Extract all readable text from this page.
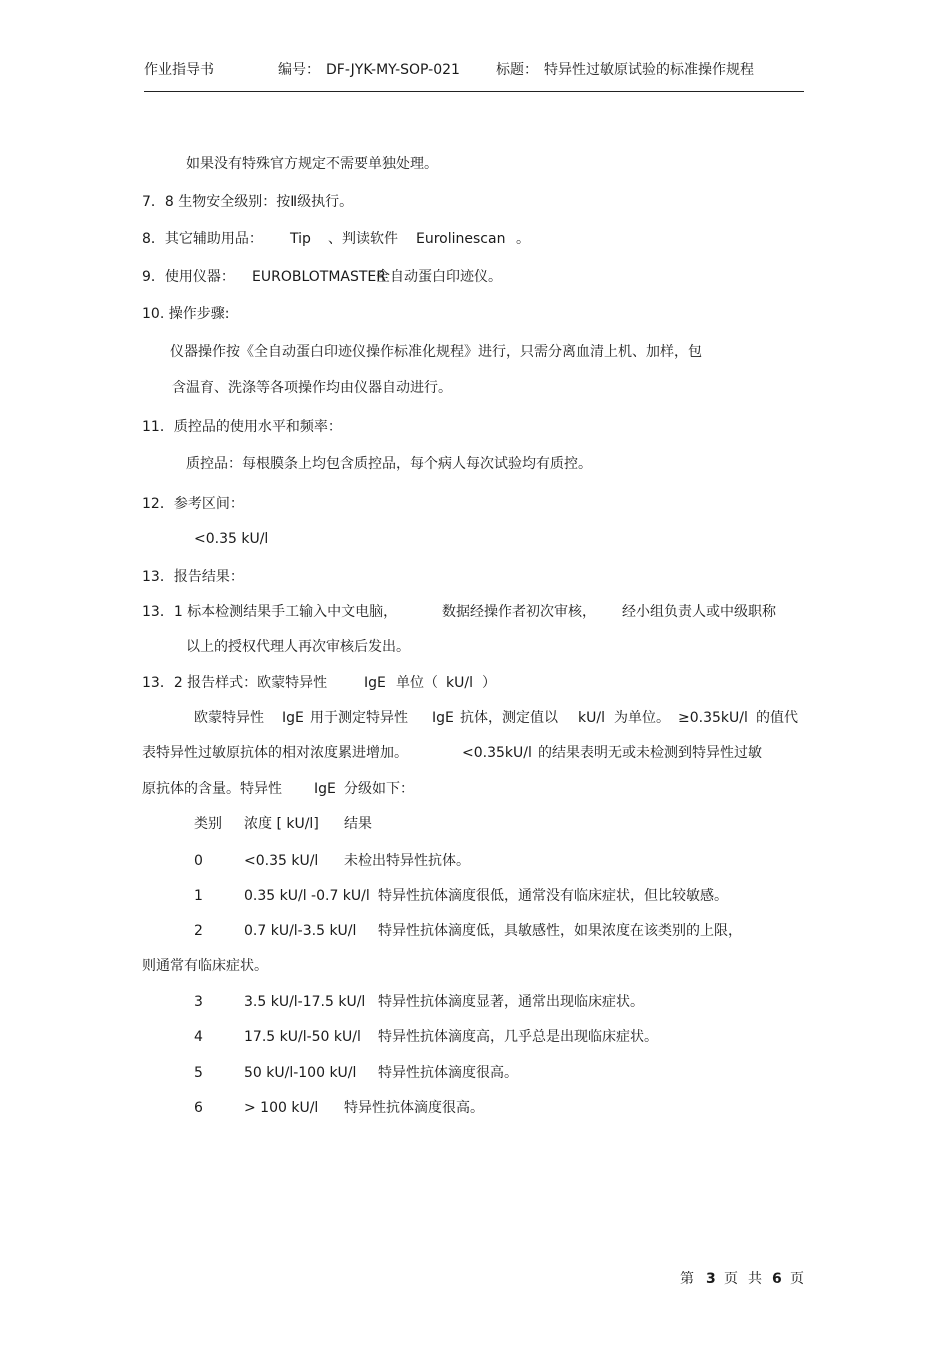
作业指导书	编号： DF-JYK-MY-SOP-021	标题： 特异性过敏原试验的标准操作规程
如果没有特殊官方规定不需要单独处理。
7．8 生物安全级别：按Ⅱ级执行。
8．其它辅助用品： Tip 、判读软件 Eurolinescan 。
9．使用仪器： EUROBLOTMASTER
全自动蛋白印迹仪。
10. 操作步骤:
仪器操作按《全自动蛋白印迹仪操作标准化规程》进行，只需分离血清上机、加样，包
含温育、洗涤等各项操作均由仪器自动进行。
11．质控品的使用水平和频率：
质控品：每根膜条上均包含质控品，每个病人每次试验均有质控。
12．参考区间：
<0.35 kU/l
13．报告结果：
13．1 标本检测结果手工输入中文电脑，	数据经操作者初次审核， 经小组负责人或中级职称
以上的授权代理人再次审核后发出。
13．2 报告样式：欧蒙特异性	IgE 单位（ kU/l ）
欧蒙特异性 IgE 用于测定特异性 IgE 抗体，测定值以 kU/l 为单位。 ≥0.35kU/l 的值代
表特异性过敏原抗体的相对浓度累进增加。	<0.35kU/l 的结果表明无或未检测到特异性过敏
原抗体的含量。特异性 IgE 分级如下：
类别 浓度 [ kU/l] 结果
0	<0.35 kU/l 未检出特异性抗体。
1	0.35 kU/l -0.7 kU/l 特异性抗体滴度很低，通常没有临床症状，但比较敏感。
2	0.7 kU/l-3.5 kU/l 特异性抗体滴度低，具敏感性，如果浓度在该类别的上限，
则通常有临床症状。
3	3.5 kU/l-17.5 kU/l 特异性抗体滴度显著，通常出现临床症状。
4	17.5 kU/l-50 kU/l 特异性抗体滴度高，几乎总是出现临床症状。
5	50 kU/l-100 kU/l 特异性抗体滴度很高。
6	> 100 kU/l 特异性抗体滴度很高。
第 3 页 共 6 页
